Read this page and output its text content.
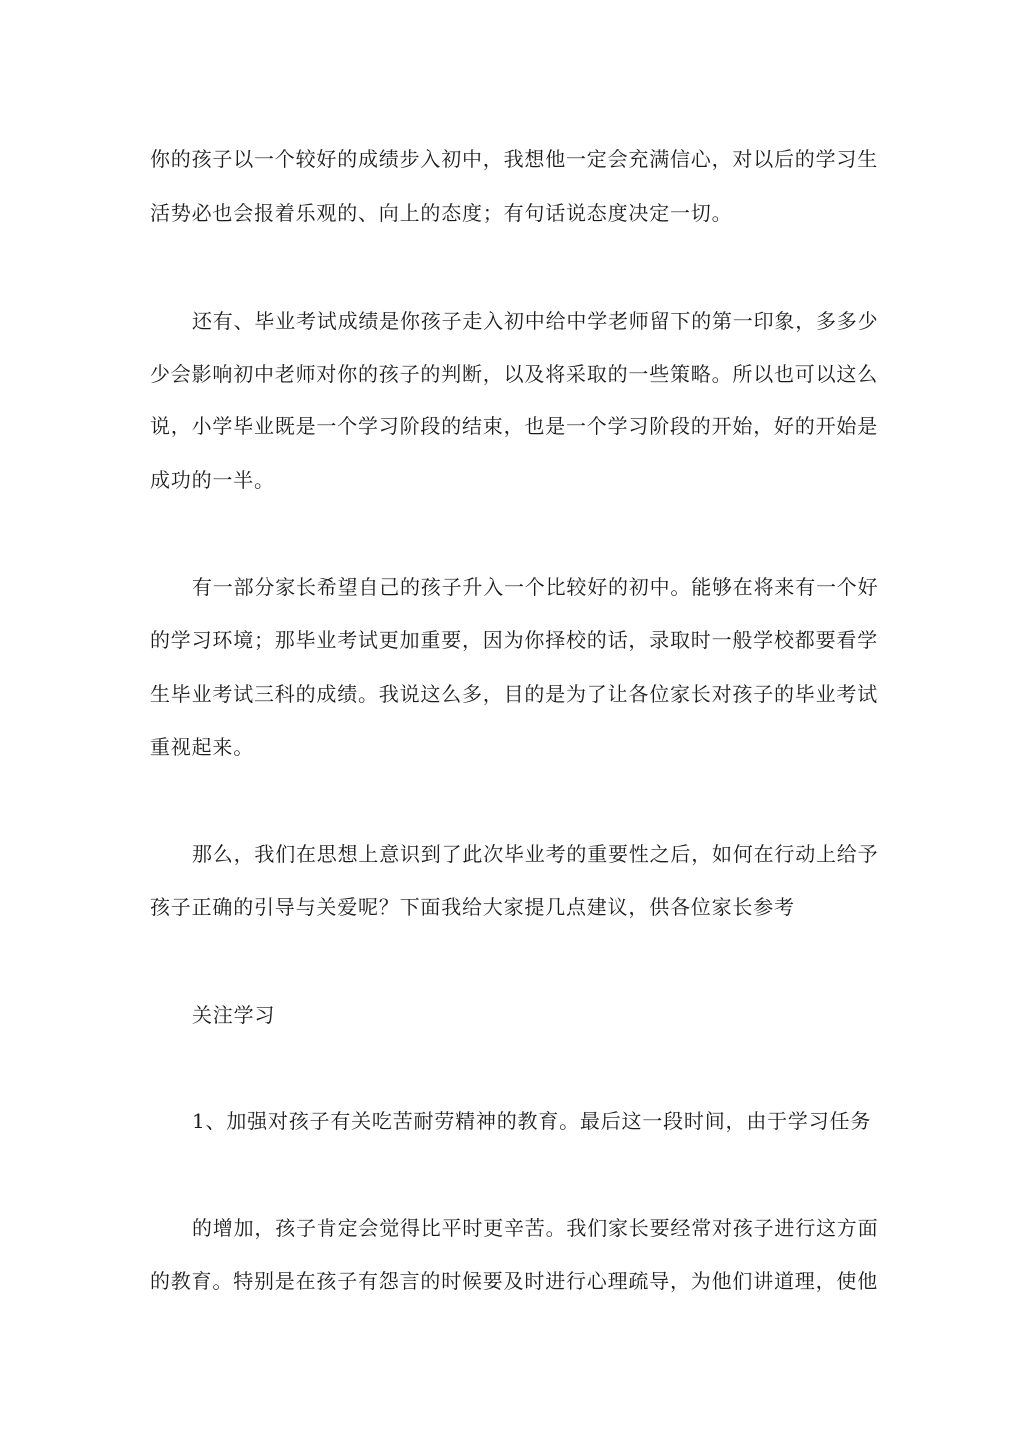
你的孩子以一个较好的成绩步入初中，我想他一定会充满信心，对以后的学习生
活势必也会报着乐观的、向上的态度；有句话说态度决定一切。
还有、毕业考试成绩是你孩子走入初中给中学老师留下的第一印象，多多少
少会影响初中老师对你的孩子的判断，以及将采取的一些策略。所以也可以这么
说，小学毕业既是一个学习阶段的结束，也是一个学习阶段的开始，好的开始是
成功的一半。
有一部分家长希望自己的孩子升入一个比较好的初中。能够在将来有一个好
的学习环境；那毕业考试更加重要，因为你择校的话，录取时一般学校都要看学
生毕业考试三科的成绩。我说这么多，目的是为了让各位家长对孩子的毕业考试
重视起来。
那么，我们在思想上意识到了此次毕业考的重要性之后，如何在行动上给予
孩子正确的引导与关爱呢？下面我给大家提几点建议，供各位家长参考
关注学习
1、加强对孩子有关吃苦耐劳精神的教育。最后这一段时间，由于学习任务
的增加，孩子肯定会觉得比平时更辛苦。我们家长要经常对孩子进行这方面
的教育。特别是在孩子有怨言的时候要及时进行心理疏导，为他们讲道理，使他
